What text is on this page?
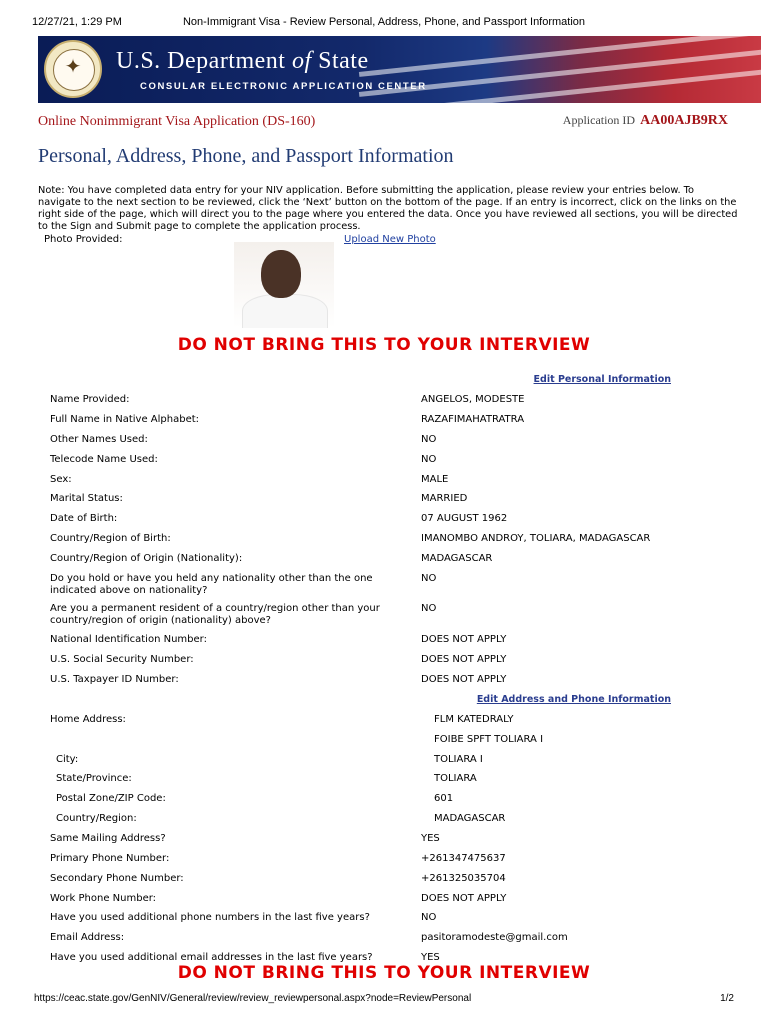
12/27/21, 1:29 PM	Non-Immigrant Visa - Review Personal, Address, Phone, and Passport Information
✦	U.S. Department of State
CONSULAR ELECTRONIC APPLICATION CENTER
Online Nonimmigrant Visa Application (DS-160)	Application ID AA00AJB9RX
Personal, Address, Phone, and Passport Information
Note: You have completed data entry for your NIV application. Before submitting the application, please review your entries below. To navigate to the next section to be reviewed, click the ‘Next’ button on the bottom of the page. If an entry is incorrect, click on the links on the right side of the page, which will direct you to the page where you entered the data. Once you have reviewed all sections, you will be directed to the Sign and Submit page to complete the application process.
Photo Provided:	Upload New Photo
DO NOT BRING THIS TO YOUR INTERVIEW
Edit Personal Information
Name Provided:	ANGELOS, MODESTE
Full Name in Native Alphabet:	RAZAFIMAHATRATRA
Other Names Used:	NO
Telecode Name Used:	NO
Sex:	MALE
Marital Status:	MARRIED
Date of Birth:	07 AUGUST 1962
Country/Region of Birth:	IMANOMBO ANDROY, TOLIARA, MADAGASCAR
Country/Region of Origin (Nationality):	MADAGASCAR
Do you hold or have you held any nationality other than the one indicated above on nationality?
NO
Are you a permanent resident of a country/region other than your country/region of origin (nationality) above?
NO
National Identification Number:	DOES NOT APPLY
U.S. Social Security Number:	DOES NOT APPLY
U.S. Taxpayer ID Number:	DOES NOT APPLY
Edit Address and Phone Information
Home Address:	FLM KATEDRALY
FOIBE SPFT TOLIARA I
City:	TOLIARA I
State/Province:	TOLIARA
Postal Zone/ZIP Code:	601
Country/Region:	MADAGASCAR
Same Mailing Address?	YES
Primary Phone Number:	+261347475637
Secondary Phone Number:	+261325035704
Work Phone Number:	DOES NOT APPLY
Have you used additional phone numbers in the last five years?	NO
Email Address:	pasitoramodeste@gmail.com
Have you used additional email addresses in the last five years?	YES
DO NOT BRING THIS TO YOUR INTERVIEW
https://ceac.state.gov/GenNIV/General/review/review_reviewpersonal.aspx?node=ReviewPersonal	1/2
